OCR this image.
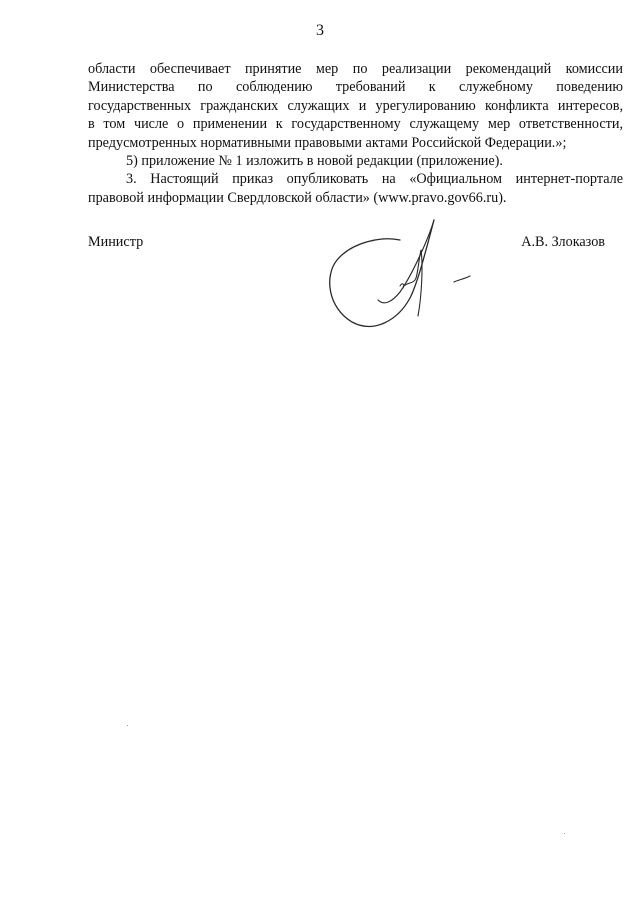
3

области обеспечивает принятие мер по реализации рекомендаций комиссии

Министерства по соблюдению требований к служебному поведению

государственных гражданских служащих и урегулированию конфликта интересов,

в том числе о применении к государственному служащему мер ответственности,

предусмотренных нормативными правовыми актами Российской Федерации.»;

5) приложение № 1 изложить в новой редакции (приложение).

3. Настоящий приказ опубликовать на «Официальном интернет-портале

правовой информации Свердловской области» (www.pravo.gov66.ru).

Министр	А.В. Злоказов
